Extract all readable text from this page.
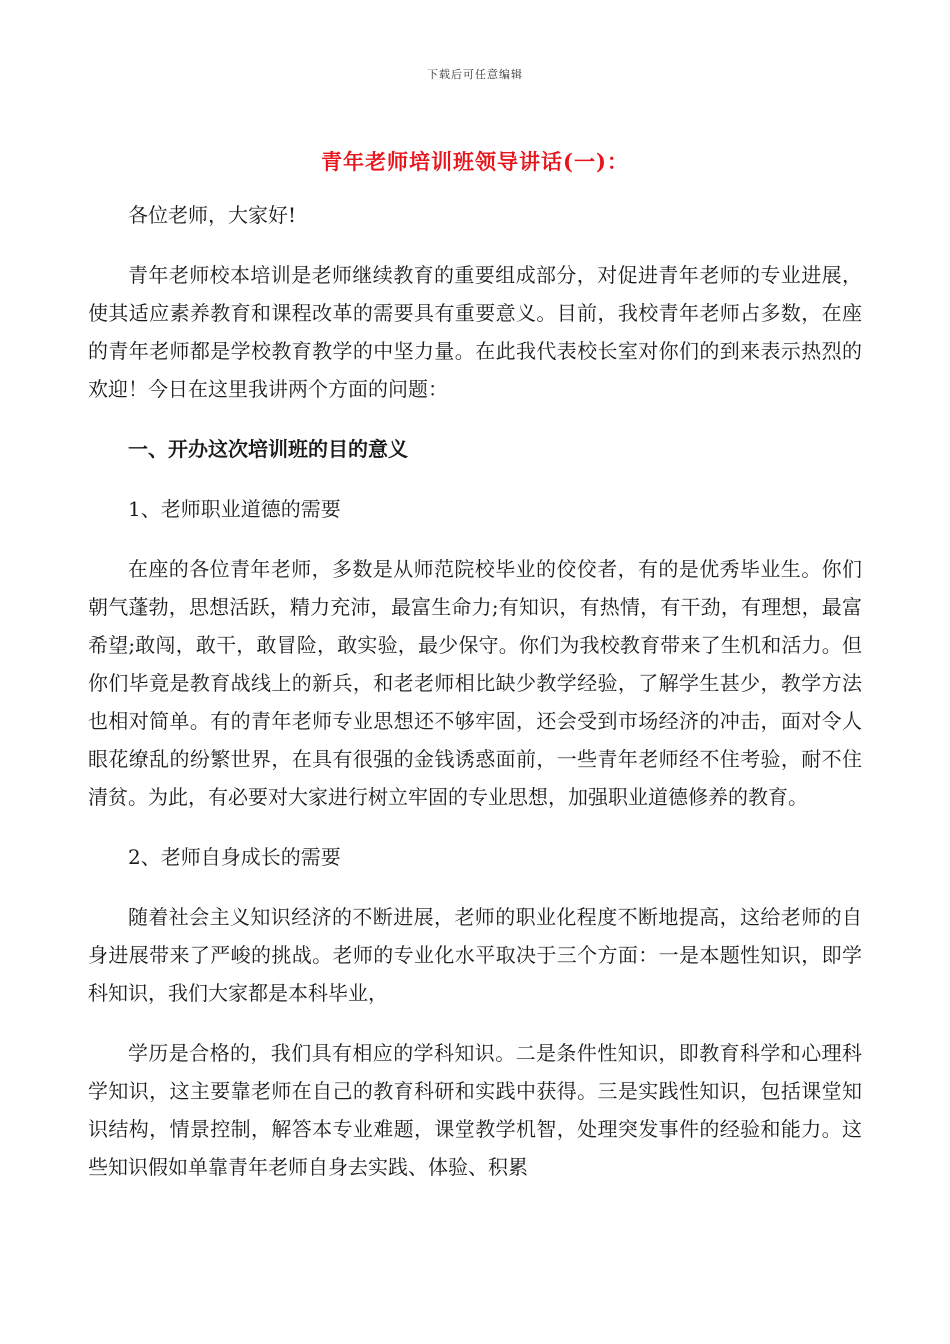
下载后可任意编辑
青年老师培训班领导讲话(一)：

各位老师，大家好!

青年老师校本培训是老师继续教育的重要组成部分，对促进青年老师的专业进展，使其适应素养教育和课程改革的需要具有重要意义。目前，我校青年老师占多数，在座的青年老师都是学校教育教学的中坚力量。在此我代表校长室对你们的到来表示热烈的欢迎！今日在这里我讲两个方面的问题：

一、开办这次培训班的目的意义

1、老师职业道德的需要

在座的各位青年老师，多数是从师范院校毕业的佼佼者，有的是优秀毕业生。你们朝气蓬勃，思想活跃，精力充沛，最富生命力;有知识，有热情，有干劲，有理想，最富希望;敢闯，敢干，敢冒险，敢实验，最少保守。你们为我校教育带来了生机和活力。但你们毕竟是教育战线上的新兵，和老老师相比缺少教学经验，了解学生甚少，教学方法也相对简单。有的青年老师专业思想还不够牢固，还会受到市场经济的冲击，面对令人眼花缭乱的纷繁世界，在具有很强的金钱诱惑面前，一些青年老师经不住考验，耐不住清贫。为此，有必要对大家进行树立牢固的专业思想，加强职业道德修养的教育。

2、老师自身成长的需要

随着社会主义知识经济的不断进展，老师的职业化程度不断地提高，这给老师的自身进展带来了严峻的挑战。老师的专业化水平取决于三个方面：一是本题性知识，即学科知识，我们大家都是本科毕业，

学历是合格的，我们具有相应的学科知识。二是条件性知识，即教育科学和心理科学知识，这主要靠老师在自己的教育科研和实践中获得。三是实践性知识，包括课堂知识结构，情景控制，解答本专业难题，课堂教学机智，处理突发事件的经验和能力。这些知识假如单靠青年老师自身去实践、体验、积累
